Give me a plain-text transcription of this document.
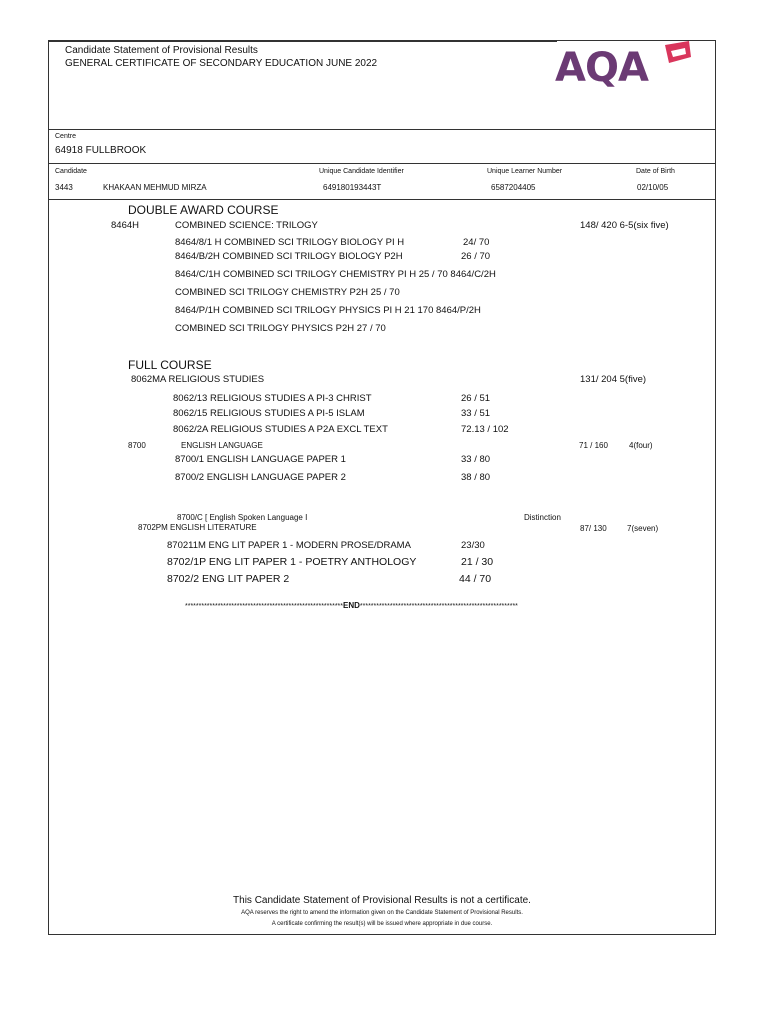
Candidate Statement of Provisional Results
GENERAL CERTIFICATE OF SECONDARY EDUCATION JUNE 2022	AQA
Centre
64918 FULLBROOK
Candidate	Unique Candidate Identifier	Unique Learner Number	Date of Birth
3443	KHAKAAN MEHMUD MIRZA	649180193443T	6587204405	02/10/05
DOUBLE AWARD COURSE
8464H	COMBINED SCIENCE: TRILOGY	148/ 420 6-5(six five)
8464/8/1 H COMBINED SCI TRILOGY BIOLOGY PI H	24/ 70
8464/B/2H COMBINED SCI TRILOGY BIOLOGY P2H	26 / 70
8464/C/1H COMBINED SCI TRILOGY CHEMISTRY PI H 25 / 70 8464/C/2H
COMBINED SCI TRILOGY CHEMISTRY P2H 25 / 70
8464/P/1H COMBINED SCI TRILOGY PHYSICS PI H 21 170 8464/P/2H
COMBINED SCI TRILOGY PHYSICS P2H 27 / 70
FULL COURSE
8062MA RELIGIOUS STUDIES	131/ 204 5(five)
8062/13 RELIGIOUS STUDIES A PI-3 CHRIST	26 / 51
8062/15 RELIGIOUS STUDIES A PI-5 ISLAM	33 / 51
8062/2A RELIGIOUS STUDIES A P2A EXCL TEXT	72.13 / 102
8700	ENGLISH LANGUAGE	71 / 160	4(four)
8700/1 ENGLISH LANGUAGE PAPER 1	33 / 80
8700/2 ENGLISH LANGUAGE PAPER 2	38 / 80
8700/C [ English Spoken Language I	Distinction
8702PM ENGLISH LITERATURE	87/ 130	7(seven)
870211M ENG LIT PAPER 1 - MODERN PROSE/DRAMA	23/30
8702/1P ENG LIT PAPER 1 - POETRY ANTHOLOGY	21 / 30
8702/2 ENG LIT PAPER 2	44 / 70
**********************************************************END**********************************************************
This Candidate Statement of Provisional Results is not a certificate.
AQA reserves the right to amend the information given on the Candidate Statement of Provisional Results.
A certificate confirming the result(s) will be issued where appropriate in due course.
